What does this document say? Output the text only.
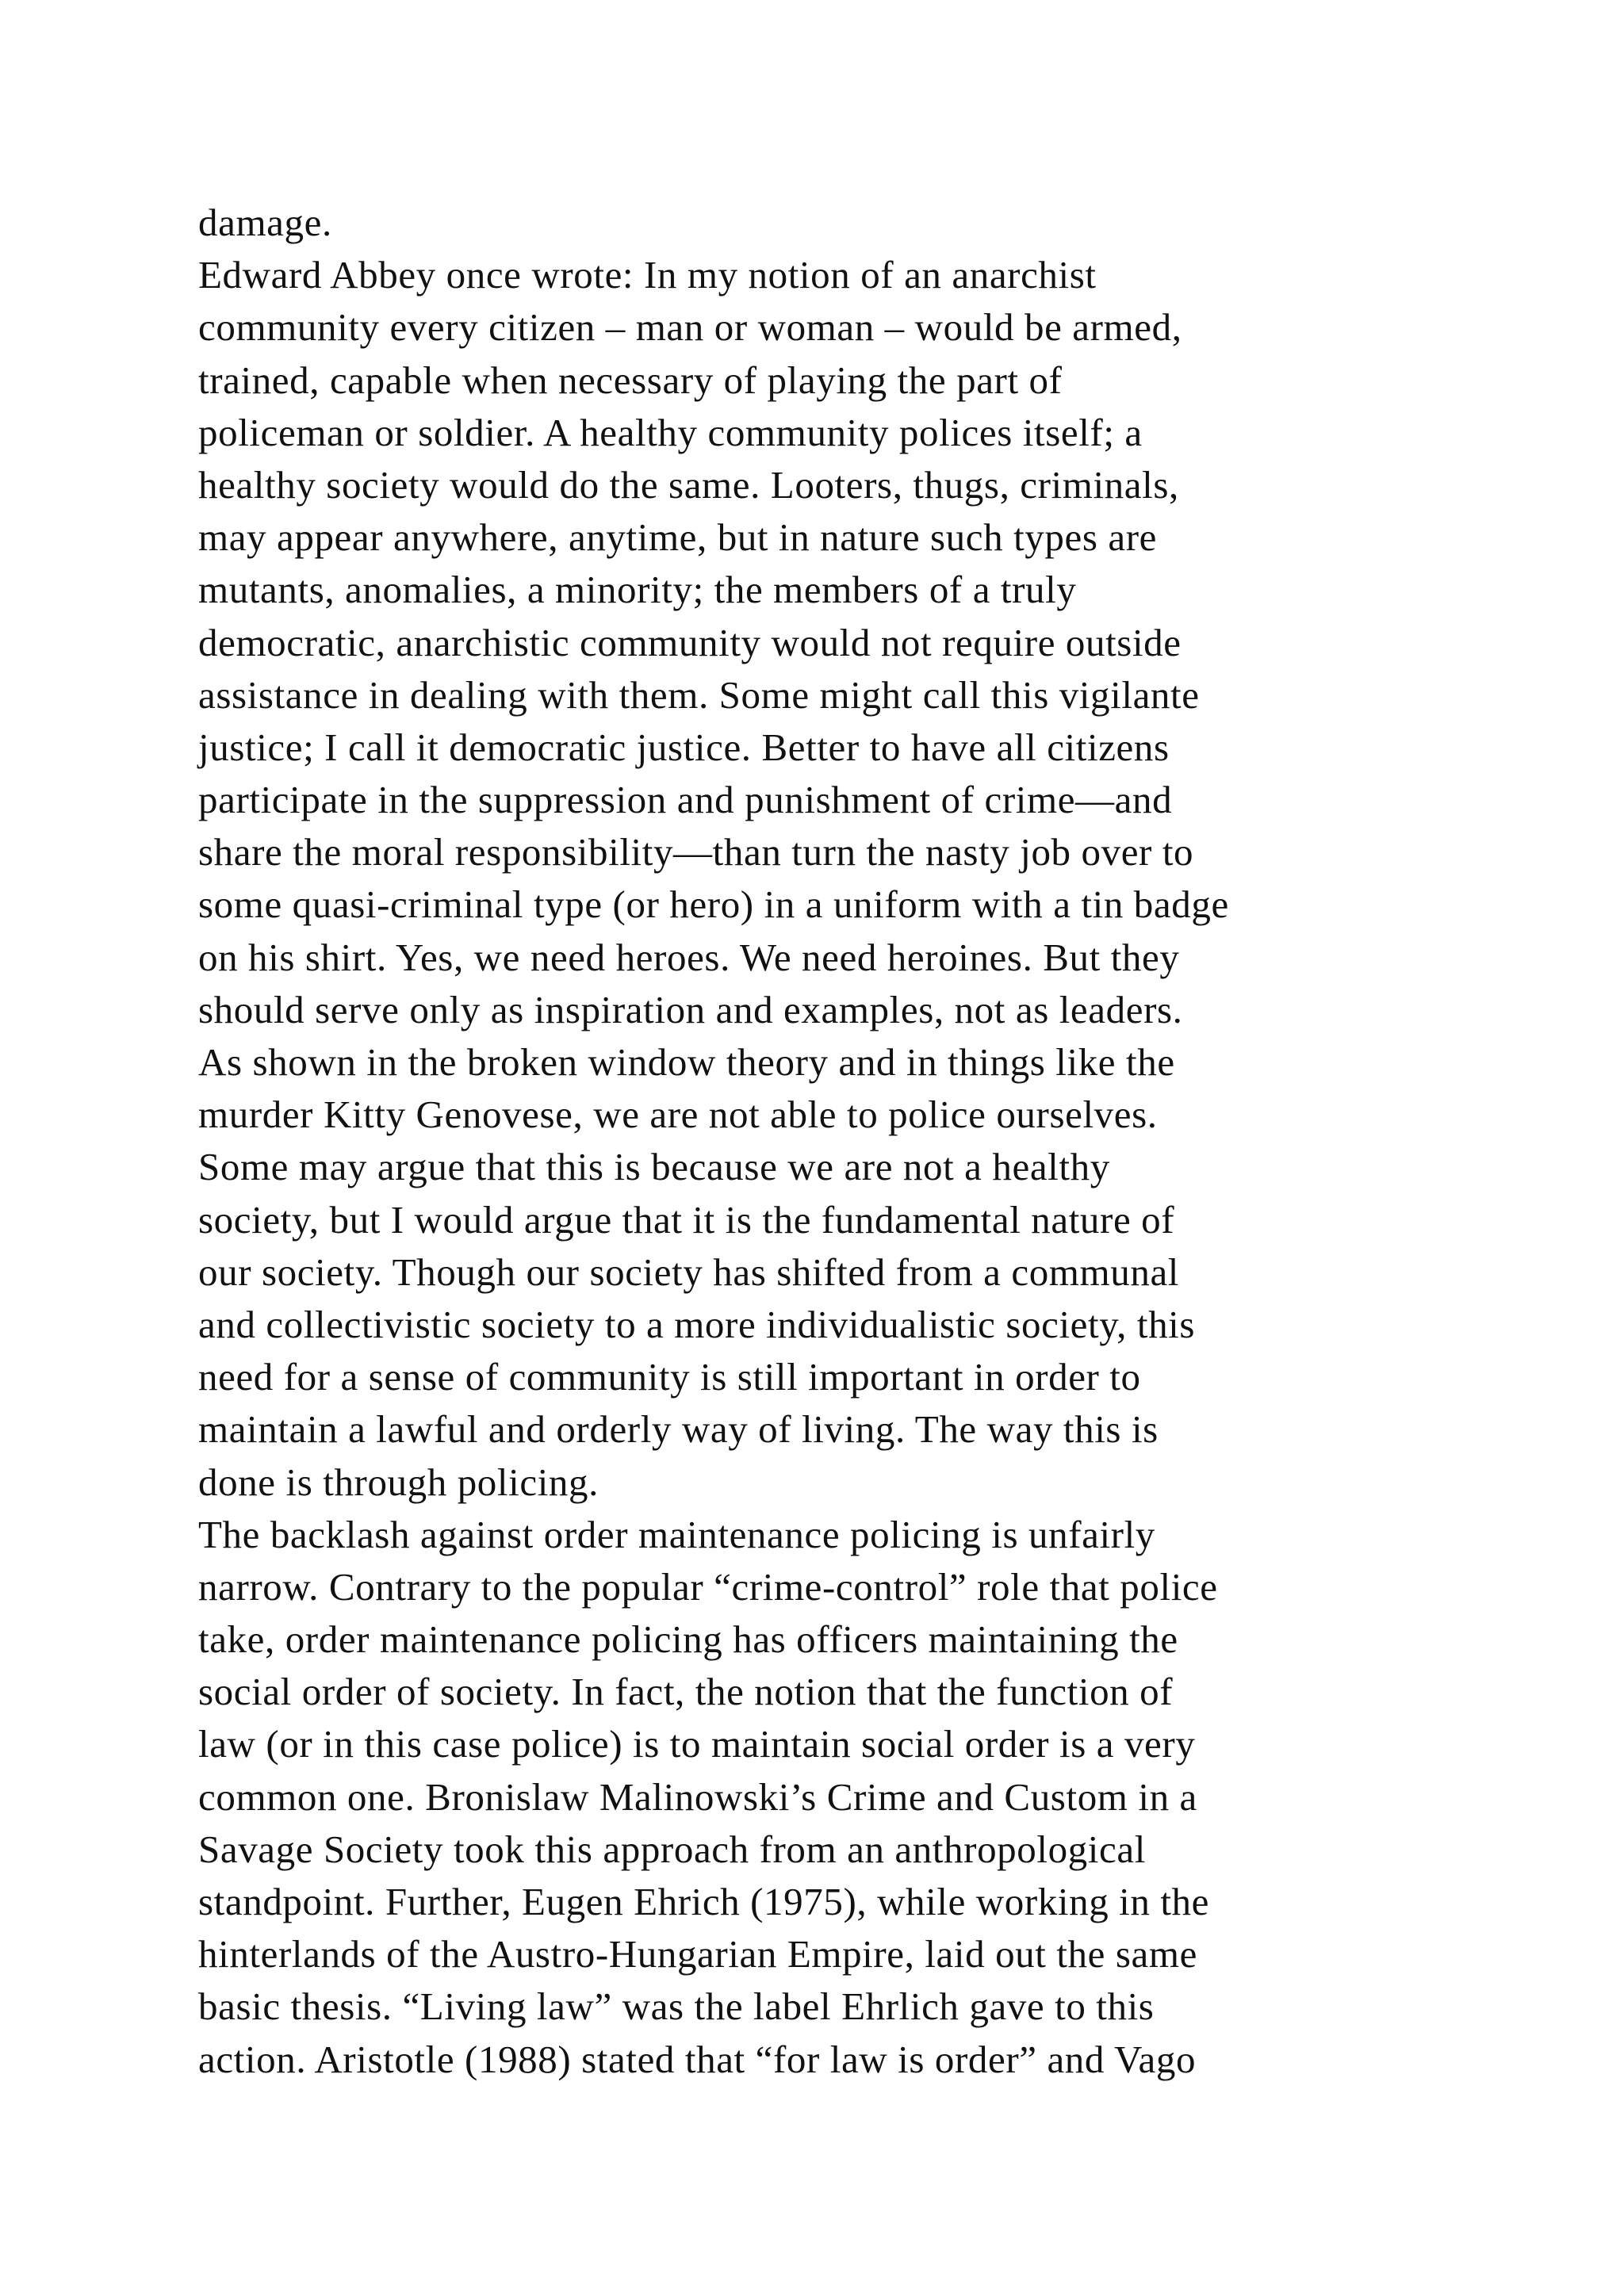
damage.
Edward Abbey once wrote: In my notion of an anarchist
community every citizen – man or woman – would be armed,
trained, capable when necessary of playing the part of
policeman or soldier. A healthy community polices itself; a
healthy society would do the same. Looters, thugs, criminals,
may appear anywhere, anytime, but in nature such types are
mutants, anomalies, a minority; the members of a truly
democratic, anarchistic community would not require outside
assistance in dealing with them. Some might call this vigilante
justice; I call it democratic justice. Better to have all citizens
participate in the suppression and punishment of crime—and
share the moral responsibility—than turn the nasty job over to
some quasi-criminal type (or hero) in a uniform with a tin badge
on his shirt. Yes, we need heroes. We need heroines. But they
should serve only as inspiration and examples, not as leaders.
As shown in the broken window theory and in things like the
murder Kitty Genovese, we are not able to police ourselves.
Some may argue that this is because we are not a healthy
society, but I would argue that it is the fundamental nature of
our society. Though our society has shifted from a communal
and collectivistic society to a more individualistic society, this
need for a sense of community is still important in order to
maintain a lawful and orderly way of living. The way this is
done is through policing.
The backlash against order maintenance policing is unfairly
narrow. Contrary to the popular “crime-control” role that police
take, order maintenance policing has officers maintaining the
social order of society. In fact, the notion that the function of
law (or in this case police) is to maintain social order is a very
common one. Bronislaw Malinowski’s Crime and Custom in a
Savage Society took this approach from an anthropological
standpoint. Further, Eugen Ehrich (1975), while working in the
hinterlands of the Austro-Hungarian Empire, laid out the same
basic thesis. “Living law” was the label Ehrlich gave to this
action. Aristotle (1988) stated that “for law is order” and Vago
